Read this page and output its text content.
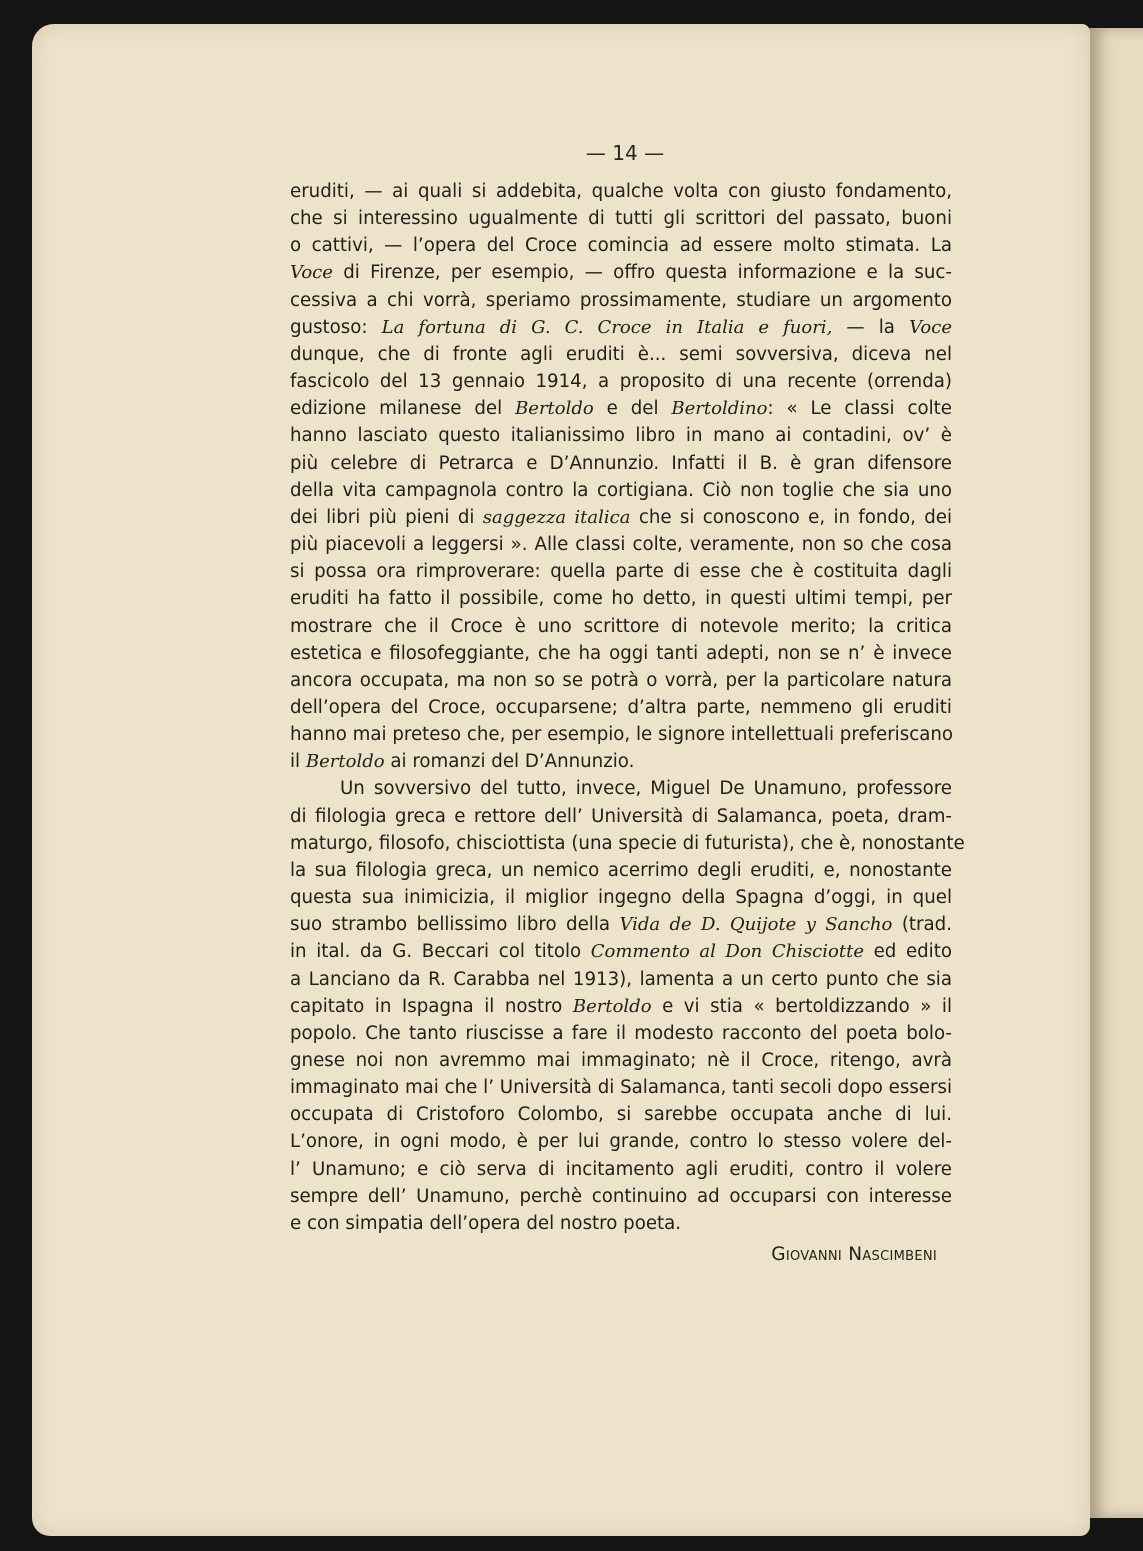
— 14 —

eruditi, — ai quali si addebita, qualche volta con giusto fondamento,
che si interessino ugualmente di tutti gli scrittori del passato, buoni
o cattivi, — l’opera del Croce comincia ad essere molto stimata. La
Voce di Firenze, per esempio, — offro questa informazione e la suc-
cessiva a chi vorrà, speriamo prossimamente, studiare un argomento
gustoso: La fortuna di G. C. Croce in Italia e fuori, — la Voce
dunque, che di fronte agli eruditi è... semi sovversiva, diceva nel
fascicolo del 13 gennaio 1914, a proposito di una recente (orrenda)
edizione milanese del Bertoldo e del Bertoldino: « Le classi colte
hanno lasciato questo italianissimo libro in mano ai contadini, ov’ è
più celebre di Petrarca e D’Annunzio. Infatti il B. è gran difensore
della vita campagnola contro la cortigiana. Ciò non toglie che sia uno
dei libri più pieni di saggezza italica che si conoscono e, in fondo, dei
più piacevoli a leggersi ». Alle classi colte, veramente, non so che cosa
si possa ora rimproverare: quella parte di esse che è costituita dagli
eruditi ha fatto il possibile, come ho detto, in questi ultimi tempi, per
mostrare che il Croce è uno scrittore di notevole merito; la critica
estetica e filosofeggiante, che ha oggi tanti adepti, non se n’ è invece
ancora occupata, ma non so se potrà o vorrà, per la particolare natura
dell’opera del Croce, occuparsene; d’altra parte, nemmeno gli eruditi
hanno mai preteso che, per esempio, le signore intellettuali preferiscano
il Bertoldo ai romanzi del D’Annunzio.
Un sovversivo del tutto, invece, Miguel De Unamuno, professore
di filologia greca e rettore dell’ Università di Salamanca, poeta, dram-
maturgo, filosofo, chisciottista (una specie di futurista), che è, nonostante
la sua filologia greca, un nemico acerrimo degli eruditi, e, nonostante
questa sua inimicizia, il miglior ingegno della Spagna d’oggi, in quel
suo strambo bellissimo libro della Vida de D. Quijote y Sancho (trad.
in ital. da G. Beccari col titolo Commento al Don Chisciotte ed edito
a Lanciano da R. Carabba nel 1913), lamenta a un certo punto che sia
capitato in Ispagna il nostro Bertoldo e vi stia « bertoldizzando » il
popolo. Che tanto riuscisse a fare il modesto racconto del poeta bolo-
gnese noi non avremmo mai immaginato; nè il Croce, ritengo, avrà
immaginato mai che l’ Università di Salamanca, tanti secoli dopo essersi
occupata di Cristoforo Colombo, si sarebbe occupata anche di lui.
L’onore, in ogni modo, è per lui grande, contro lo stesso volere del-
l’ Unamuno; e ciò serva di incitamento agli eruditi, contro il volere
sempre dell’ Unamuno, perchè continuino ad occuparsi con interesse
e con simpatia dell’opera del nostro poeta.

Giovanni Nascimbeni
